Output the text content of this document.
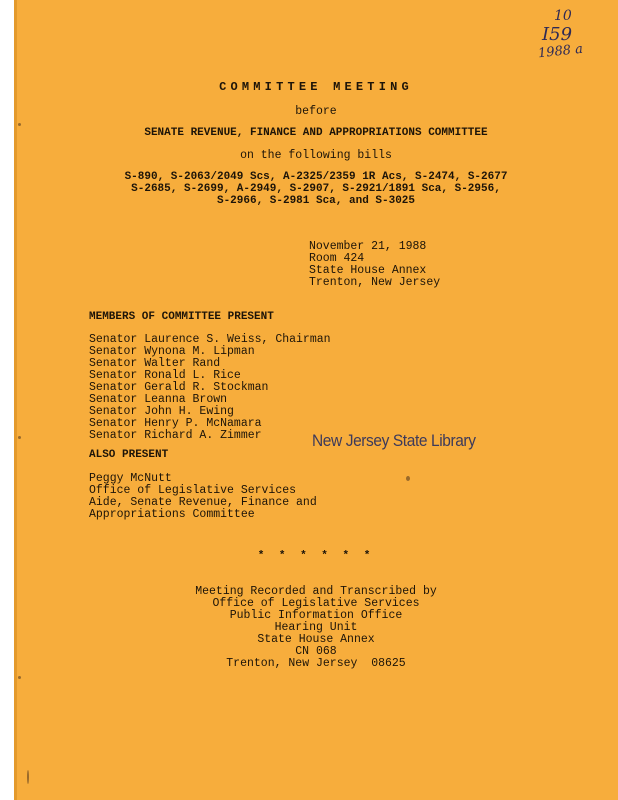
10
I59
1988 a
COMMITTEE MEETING
before
SENATE REVENUE, FINANCE AND APPROPRIATIONS COMMITTEE
on the following bills
S-890, S-2063/2049 Scs, A-2325/2359 1R Acs, S-2474, S-2677
S-2685, S-2699, A-2949, S-2907, S-2921/1891 Sca, S-2956,
S-2966, S-2981 Sca, and S-3025
November 21, 1988
Room 424
State House Annex
Trenton, New Jersey
MEMBERS OF COMMITTEE PRESENT
Senator Laurence S. Weiss, Chairman
Senator Wynona M. Lipman
Senator Walter Rand
Senator Ronald L. Rice
Senator Gerald R. Stockman
Senator Leanna Brown
Senator John H. Ewing
Senator Henry P. McNamara
Senator Richard A. Zimmer	New Jersey State Library
ALSO PRESENT
Peggy McNutt
Office of Legislative Services
Aide, Senate Revenue, Finance and
Appropriations Committee
* * * * * *
Meeting Recorded and Transcribed by
Office of Legislative Services
Public Information Office
Hearing Unit
State House Annex
CN 068
Trenton, New Jersey  08625
